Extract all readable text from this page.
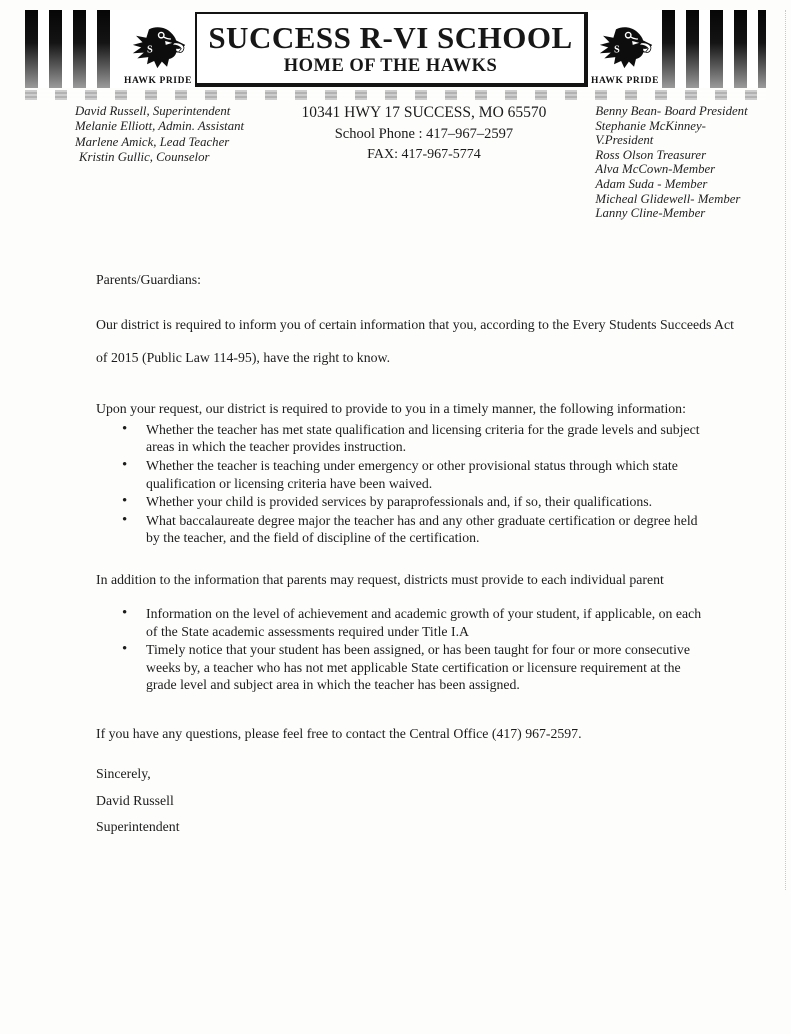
S
HAWK PRIDE
SUCCESS R-VI SCHOOL
HOME OF THE HAWKS
S
HAWK PRIDE
David Russell, Superintendent
Melanie Elliott, Admin. Assistant
Marlene Amick, Lead Teacher
Kristin Gullic, Counselor
10341 HWY 17 SUCCESS, MO 65570
School Phone : 417–967–2597
FAX: 417-967-5774
Benny Bean- Board President
Stephanie McKinney-V.President
Ross Olson Treasurer
Alva McCown-Member
Adam Suda - Member
Micheal Glidewell- Member
Lanny Cline-Member
Parents/Guardians:
Our district is required to inform you of certain information that you, according to the Every Students Succeeds Act of 2015 (Public Law 114-95), have the right to know.
Upon your request, our district is required to provide to you in a timely manner, the following information:
• Whether the teacher has met state qualification and licensing criteria for the grade levels and subject areas in which the teacher provides instruction.
• Whether the teacher is teaching under emergency or other provisional status through which state qualification or licensing criteria have been waived.
• Whether your child is provided services by paraprofessionals and, if so, their qualifications.
• What baccalaureate degree major the teacher has and any other graduate certification or degree held by the teacher, and the field of discipline of the certification.
In addition to the information that parents may request, districts must provide to each individual parent
• Information on the level of achievement and academic growth of your student, if applicable, on each of the State academic assessments required under Title I.A
• Timely notice that your student has been assigned, or has been taught for four or more consecutive weeks by, a teacher who has not met applicable State certification or licensure requirement at the grade level and subject area in which the teacher has been assigned.
If you have any questions, please feel free to contact the Central Office (417) 967-2597.
Sincerely,
David Russell
Superintendent
